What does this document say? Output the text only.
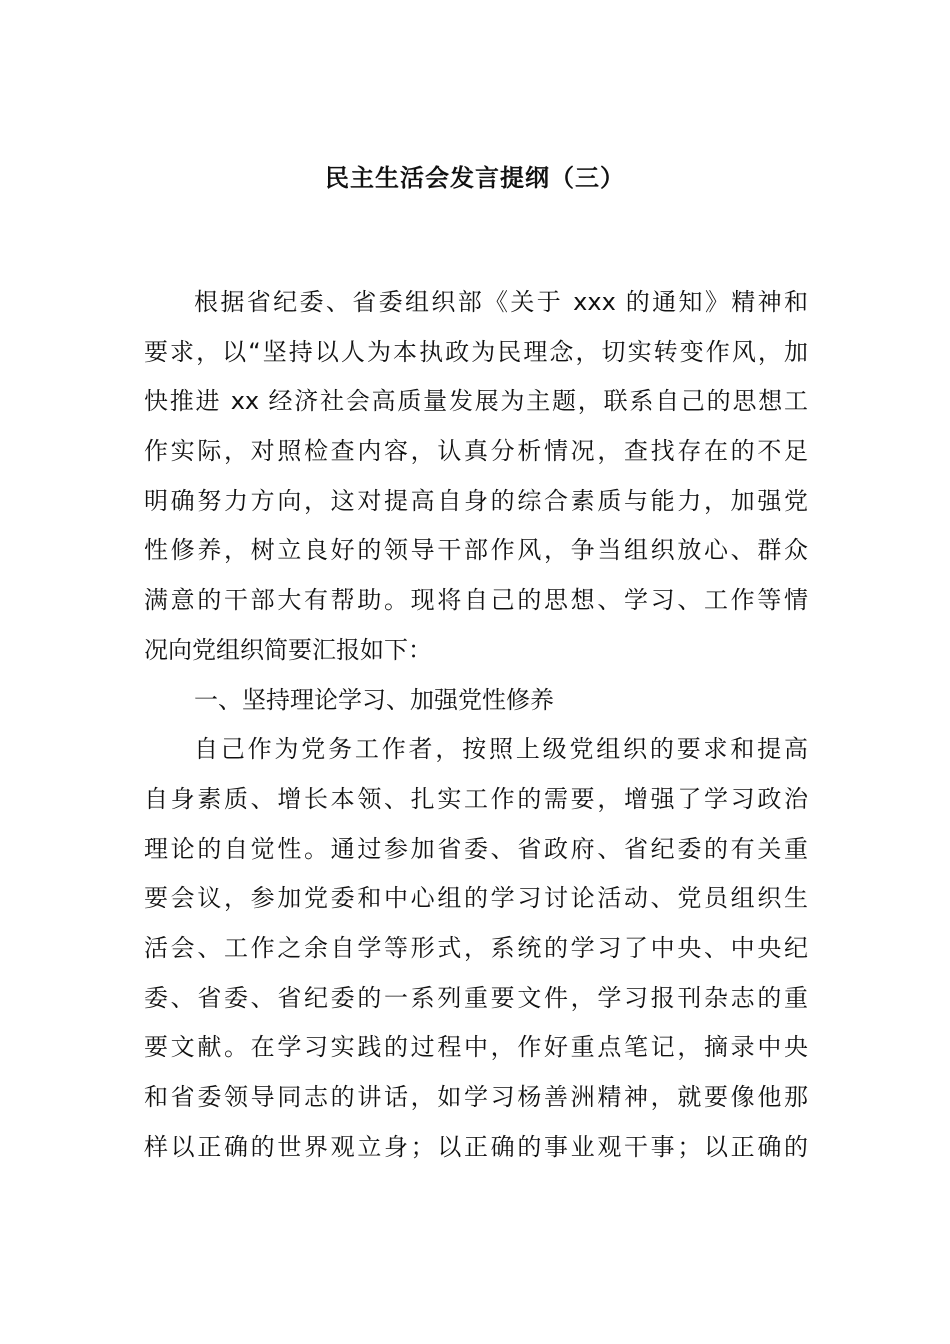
民主生活会发言提纲（三）
根据省纪委、省委组织部《关于 xxx 的通知》精神和
要求，以“坚持以人为本执政为民理念，切实转变作风，加
快推进 xx 经济社会高质量发展为主题，联系自己的思想工
作实际，对照检查内容，认真分析情况，查找存在的不足
明确努力方向，这对提高自身的综合素质与能力，加强党
性修养，树立良好的领导干部作风，争当组织放心、群众
满意的干部大有帮助。现将自己的思想、学习、工作等情
况向党组织简要汇报如下：
一、坚持理论学习、加强党性修养
自己作为党务工作者，按照上级党组织的要求和提高
自身素质、增长本领、扎实工作的需要，增强了学习政治
理论的自觉性。通过参加省委、省政府、省纪委的有关重
要会议，参加党委和中心组的学习讨论活动、党员组织生
活会、工作之余自学等形式，系统的学习了中央、中央纪
委、省委、省纪委的一系列重要文件，学习报刊杂志的重
要文献。在学习实践的过程中，作好重点笔记，摘录中央
和省委领导同志的讲话，如学习杨善洲精神，就要像他那
样以正确的世界观立身；以正确的事业观干事；以正确的
